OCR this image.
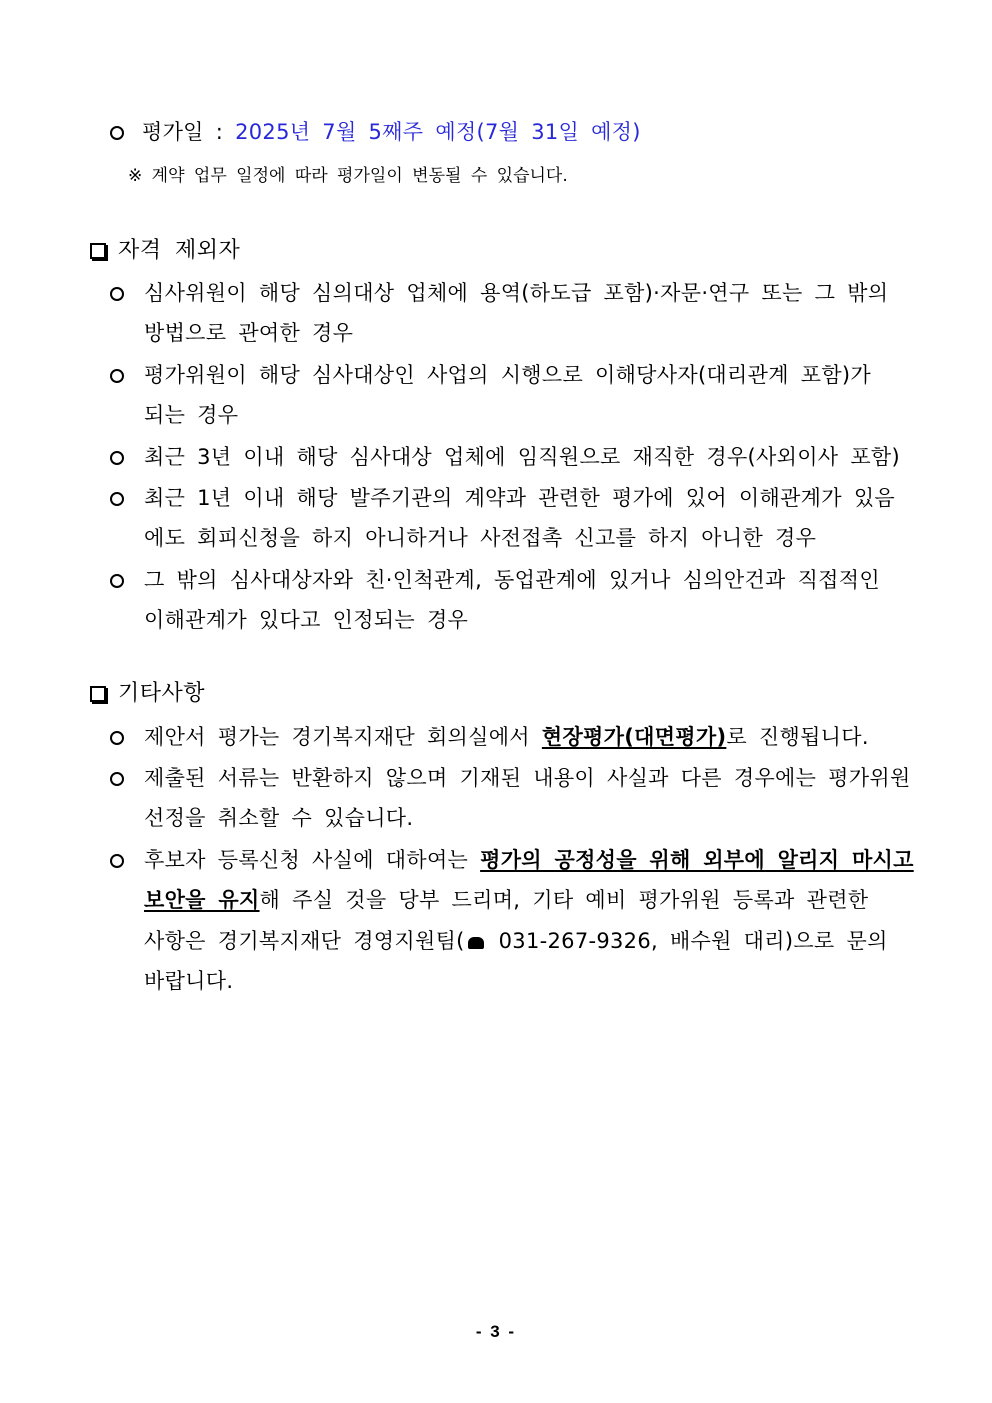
평가일 : 2025년 7월 5째주 예정(7월 31일 예정)
※ 계약 업무 일정에 따라 평가일이 변동될 수 있습니다.
자격 제외자
심사위원이 해당 심의대상 업체에 용역(하도급 포함)·자문·연구 또는 그 밖의
방법으로 관여한 경우
평가위원이 해당 심사대상인 사업의 시행으로 이해당사자(대리관계 포함)가
되는 경우
최근 3년 이내 해당 심사대상 업체에 임직원으로 재직한 경우(사외이사 포함)
최근 1년 이내 해당 발주기관의 계약과 관련한 평가에 있어 이해관계가 있음
에도 회피신청을 하지 아니하거나 사전접촉 신고를 하지 아니한 경우
그 밖의 심사대상자와 친·인척관계, 동업관계에 있거나 심의안건과 직접적인
이해관계가 있다고 인정되는 경우
기타사항
제안서 평가는 경기복지재단 회의실에서 현장평가(대면평가)로 진행됩니다.
제출된 서류는 반환하지 않으며 기재된 내용이 사실과 다른 경우에는 평가위원
선정을 취소할 수 있습니다.
후보자 등록신청 사실에 대하여는 평가의 공정성을 위해 외부에 알리지 마시고
보안을 유지해 주실 것을 당부 드리며, 기타 예비 평가위원 등록과 관련한
사항은 경기복지재단 경영지원팀( 031-267-9326, 배수원 대리)으로 문의
바랍니다.
- 3 -
